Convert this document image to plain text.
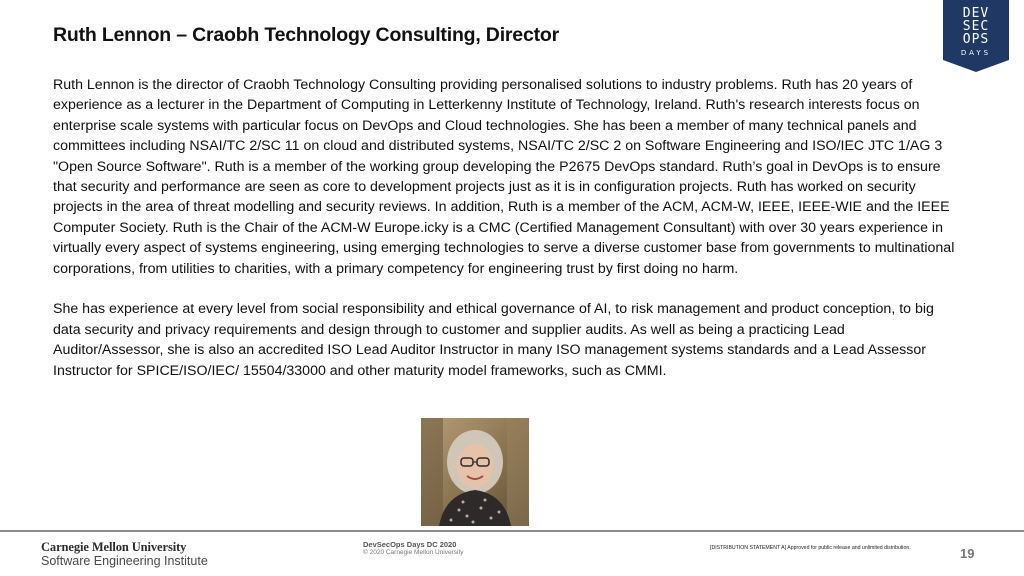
Ruth Lennon – Craobh Technology Consulting, Director

Ruth Lennon is the director of Craobh Technology Consulting providing personalised solutions to industry problems. Ruth has 20 years of experience as a lecturer in the Department of Computing in Letterkenny Institute of Technology, Ireland. Ruth's research interests focus on enterprise scale systems with particular focus on DevOps and Cloud technologies. She has been a member of many technical panels and committees including NSAI/TC 2/SC 11 on cloud and distributed systems, NSAI/TC 2/SC 2 on Software Engineering and ISO/IEC JTC 1/AG 3 "Open Source Software". Ruth is a member of the working group developing the P2675 DevOps standard. Ruth’s goal in DevOps is to ensure that security and performance are seen as core to development projects just as it is in configuration projects. Ruth has worked on security projects in the area of threat modelling and security reviews. In addition, Ruth is a member of the ACM, ACM-W, IEEE, IEEE-WIE and the IEEE Computer Society. Ruth is the Chair of the ACM-W Europe.icky is a CMC (Certified Management Consultant) with over 30 years experience in virtually every aspect of systems engineering, using emerging technologies to serve a diverse customer base from governments to multinational corporations, from utilities to charities, with a primary competency for engineering trust by first doing no harm.

She has experience at every level from social responsibility and ethical governance of AI, to risk management and product conception, to big data security and privacy requirements and design through to customer and supplier audits. As well as being a practicing Lead Auditor/Assessor, she is also an accredited ISO Lead Auditor Instructor in many ISO management systems standards and a Lead Assessor Instructor for SPICE/ISO/IEC/ 15504/33000 and other maturity model frameworks, such as CMMI.

DEV
SEC
OPS
DAYS
Carnegie Mellon University
Software Engineering Institute
DevSecOps Days DC 2020
© 2020 Carnegie Mellon University
[DISTRIBUTION STATEMENT A] Approved for public release and unlimited distribution.	19
